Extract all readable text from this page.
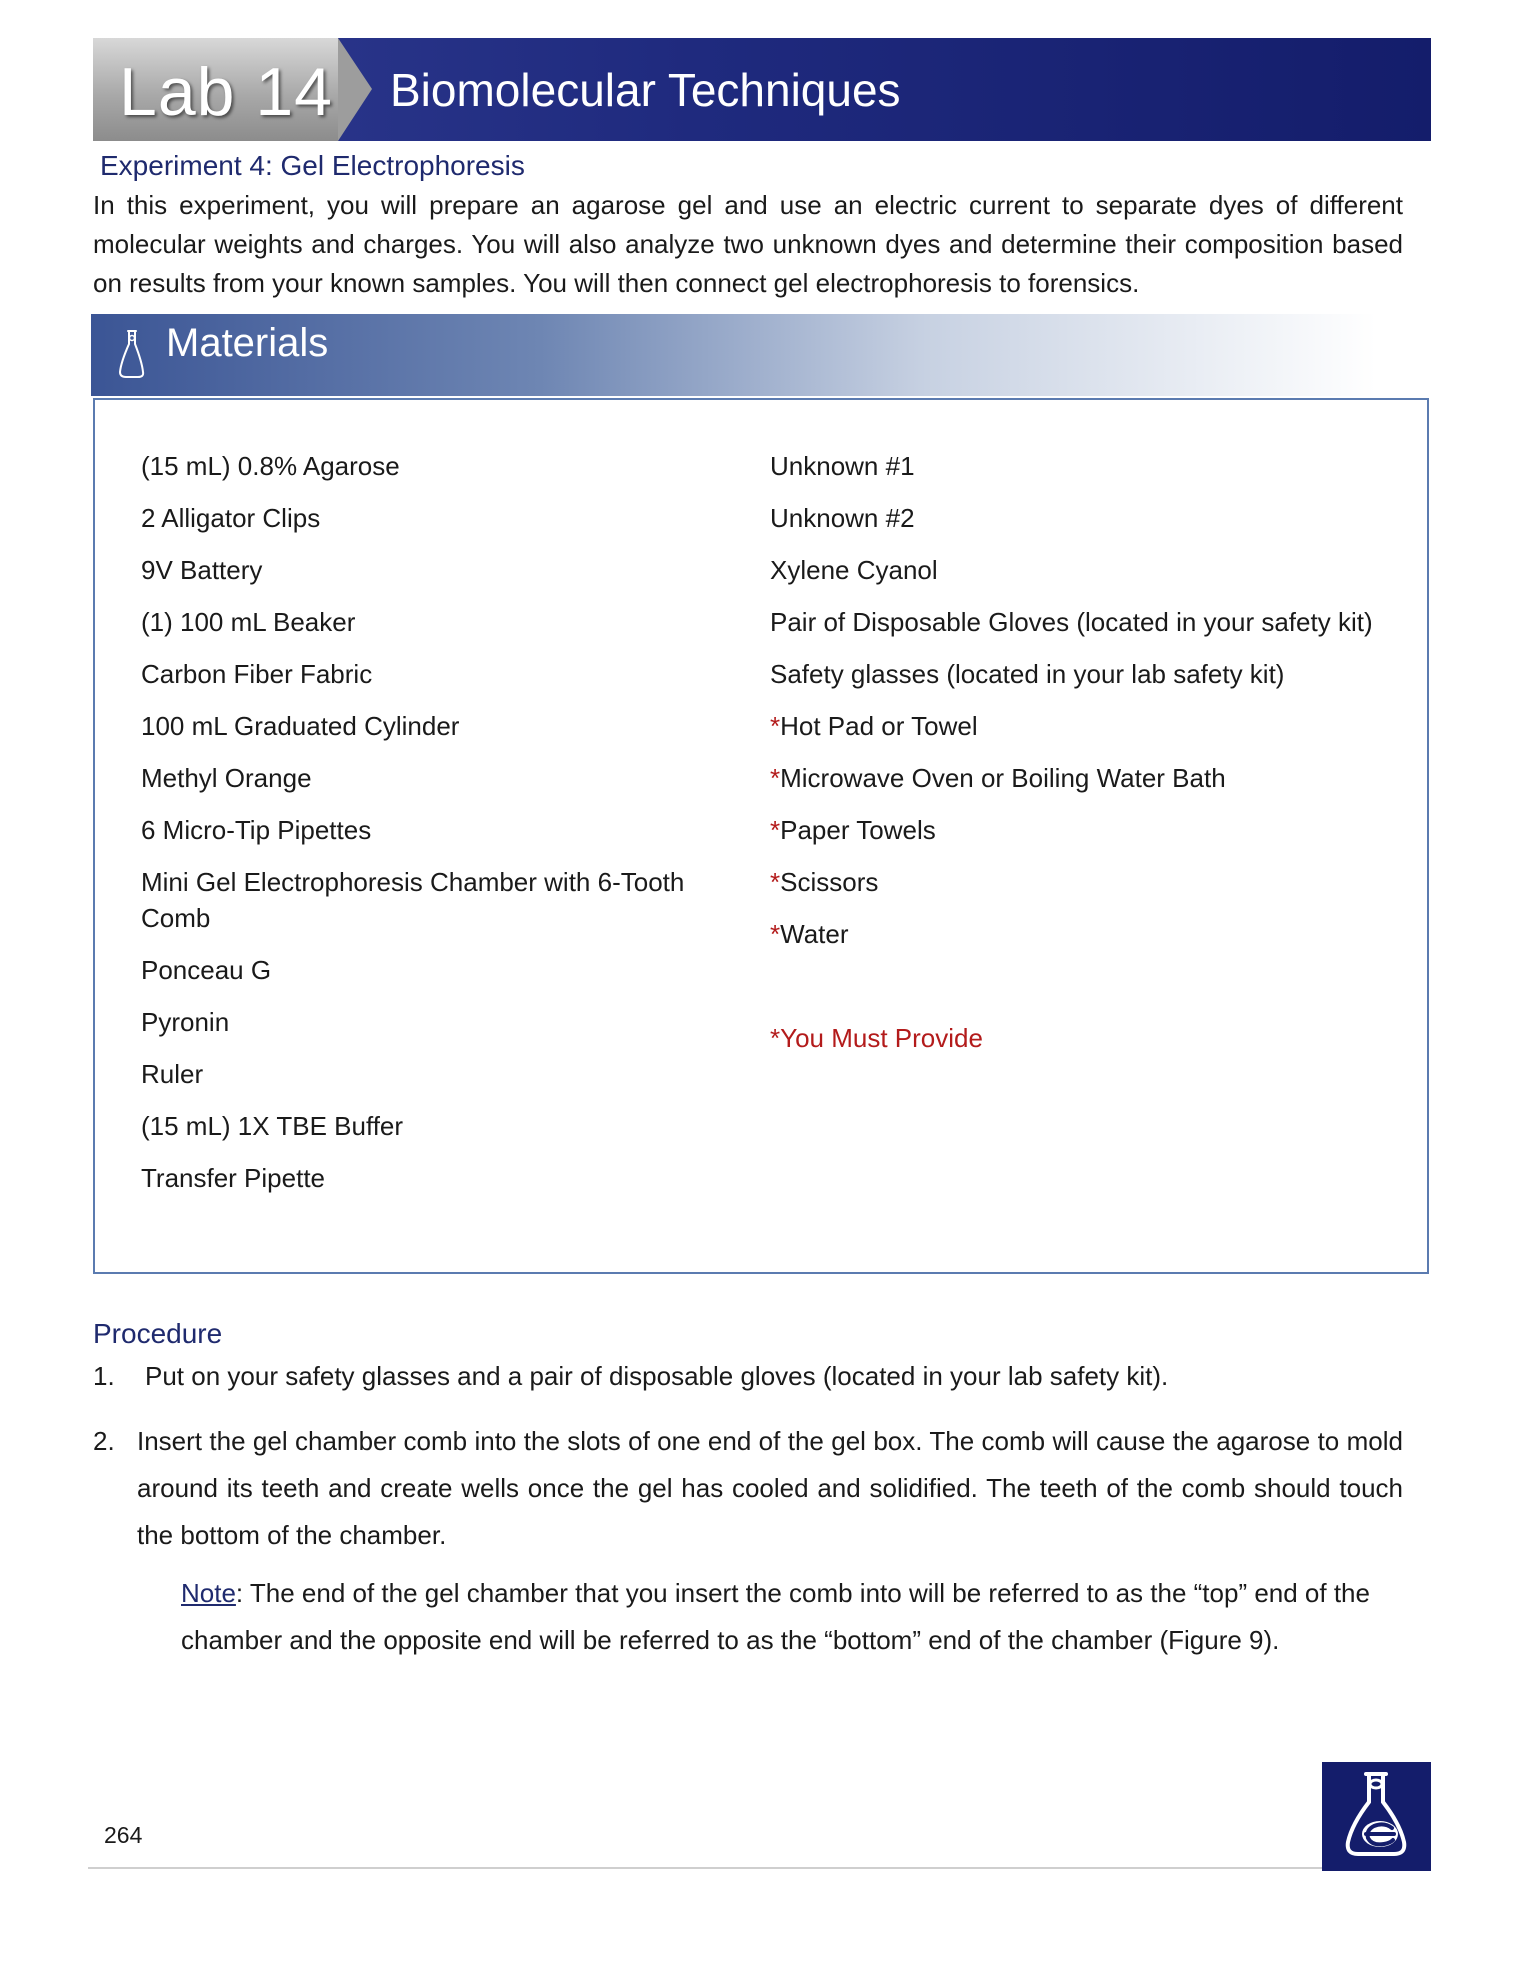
Lab 14 Biomolecular Techniques
Experiment 4: Gel Electrophoresis
In this experiment, you will prepare an agarose gel and use an electric current to separate dyes of different molecular weights and charges. You will also analyze two unknown dyes and determine their composition based on results from your known samples. You will then connect gel electrophoresis to forensics.
Materials
(15 mL) 0.8% Agarose
2 Alligator Clips
9V Battery
(1) 100 mL Beaker
Carbon Fiber Fabric
100 mL Graduated Cylinder
Methyl Orange
6 Micro-Tip Pipettes
Mini Gel Electrophoresis Chamber with 6-Tooth Comb
Ponceau G
Pyronin
Ruler
(15 mL) 1X TBE Buffer
Transfer Pipette
Unknown #1
Unknown #2
Xylene Cyanol
Pair of Disposable Gloves (located in your safety kit)
Safety glasses (located in your lab safety kit)
*Hot Pad or Towel
*Microwave Oven or Boiling Water Bath
*Paper Towels
*Scissors
*Water
*You Must Provide
Procedure
1. Put on your safety glasses and a pair of disposable gloves (located in your lab safety kit).
2. Insert the gel chamber comb into the slots of one end of the gel box. The comb will cause the agarose to mold around its teeth and create wells once the gel has cooled and solidified. The teeth of the comb should touch the bottom of the chamber.
Note: The end of the gel chamber that you insert the comb into will be referred to as the “top” end of the chamber and the opposite end will be referred to as the “bottom” end of the chamber (Figure 9).
264
